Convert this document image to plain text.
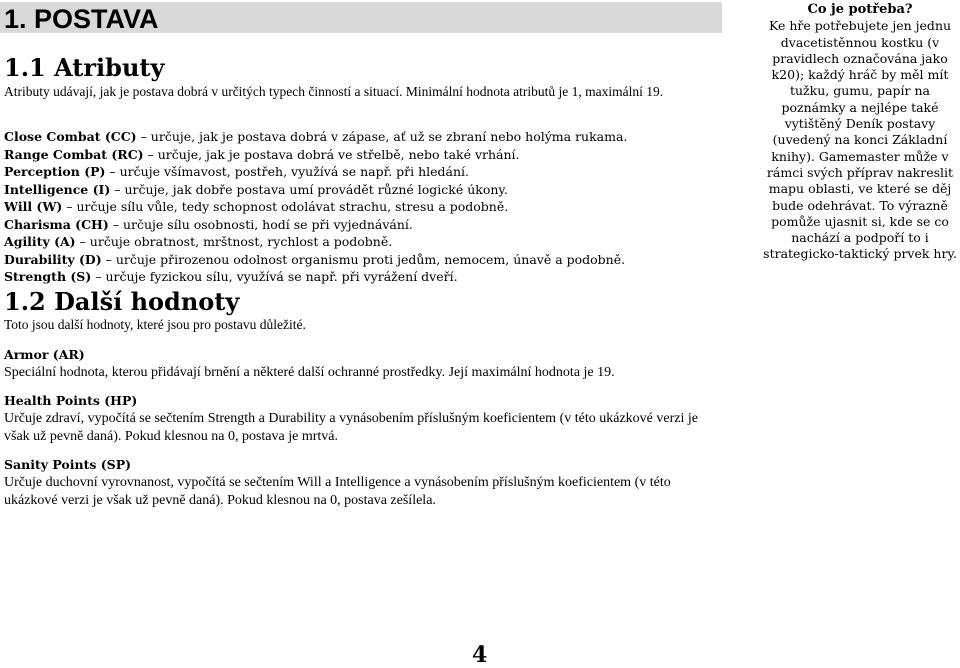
1. POSTAVA
1.1 Atributy

Atributy udávají, jak je postava dobrá v určitých typech činností a situací. Minimální hodnota atributů je 1, maximální 19.

Close Combat (CC) – určuje, jak je postava dobrá v zápase, ať už se zbraní nebo holýma rukama.
Range Combat (RC) – určuje, jak je postava dobrá ve střelbě, nebo také vrhání.
Perception (P) – určuje všímavost, postřeh, využívá se např. při hledání.
Intelligence (I) – určuje, jak dobře postava umí provádět různé logické úkony.
Will (W) – určuje sílu vůle, tedy schopnost odolávat strachu, stresu a podobně.
Charisma (CH) – určuje sílu osobnosti, hodí se při vyjednávání.
Agility (A) – určuje obratnost, mrštnost, rychlost a podobně.
Durability (D) – určuje přirozenou odolnost organismu proti jedům, nemocem, únavě a podobně.
Strength (S) – určuje fyzickou sílu, využívá se např. při vyrážení dveří.
1.2 Další hodnoty

Toto jsou další hodnoty, které jsou pro postavu důležité.

Armor (AR)
Speciální hodnota, kterou přidávají brnění a některé další ochranné prostředky. Její maximální hodnota je 19.
Health Points (HP)
Určuje zdraví, vypočítá se sečtením Strength a Durability a vynásobením příslušným koeficientem (v této ukázkové verzi je však už pevně daná). Pokud klesnou na 0, postava je mrtvá.
Sanity Points (SP)
Určuje duchovní vyrovnanost, vypočítá se sečtením Will a Intelligence a vynásobením příslušným koeficientem (v této ukázkové verzi je však už pevně daná). Pokud klesnou na 0, postava zešílela.
Co je potřeba?
Ke hře potřebujete jen jednu dvacetistěnnou kostku (v pravidlech označována jako k20); každý hráč by měl mít tužku, gumu, papír na poznámky a nejlépe také vytištěný Deník postavy (uvedený na konci Základní knihy). Gamemaster může v rámci svých příprav nakreslit mapu oblasti, ve které se děj bude odehrávat. To výrazně pomůže ujasnit si, kde se co nachází a podpoří to i strategicko-taktický prvek hry.
4
